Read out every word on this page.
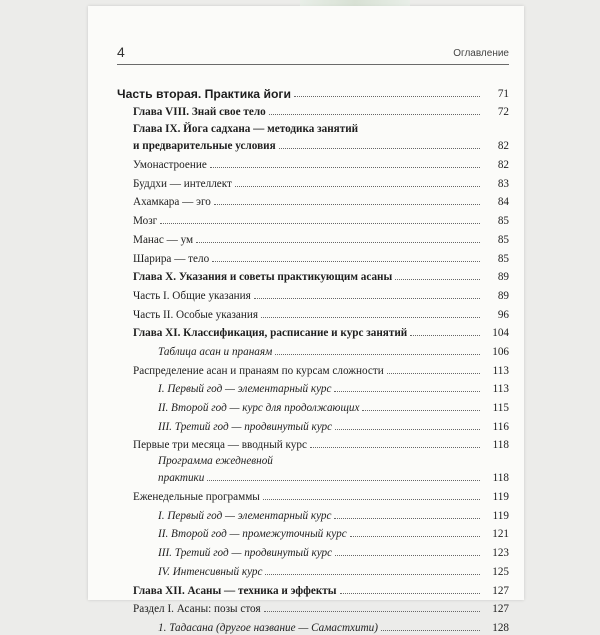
4	Оглавление
Часть вторая. Практика йоги	71
Глава VIII. Знай свое тело	72
Глава IX. Йога садхана — методика занятий
и предварительные условия	82
Умонастроение	82
Буддхи — интеллект	83
Ахамкара — эго	84
Мозг	85
Манас — ум	85
Шарира — тело	85
Глава X. Указания и советы практикующим асаны	89
Часть I. Общие указания	89
Часть II. Особые указания	96
Глава XI. Классификация, расписание и курс занятий	104
Таблица асан и пранаям	106
Распределение асан и пранаям по курсам сложности	113
I. Первый год — элементарный курс	113
II. Второй год — курс для продолжающих	115
III. Третий год — продвинутый курс	116
Первые три месяца — вводный курс	118
Программа ежедневной
практики	118
Еженедельные программы	119
I. Первый год — элементарный курс	119
II. Второй год — промежуточный курс	121
III. Третий год — продвинутый курс	123
IV. Интенсивный курс	125
Глава XII. Асаны — техника и эффекты	127
Раздел I. Асаны: позы стоя	127
1. Тадасана (другое название — Самастхити)	128
